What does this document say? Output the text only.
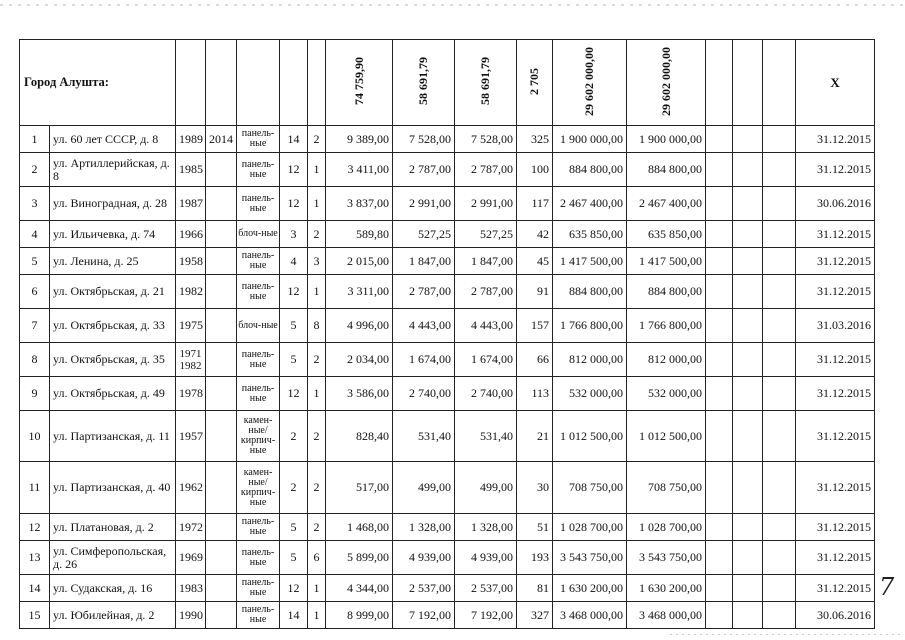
Город Алушта:							74 759,90	58 691,79	58 691,79	2 705	29 602 000,00	29 602 000,00				X
1	ул. 60 лет СССР, д. 8	1989	2014	панель-ные	14	2	9 389,00	7 528,00	7 528,00	325	1 900 000,00	1 900 000,00				31.12.2015
2	ул. Артиллерийская, д. 8	1985		панель-ные	12	1	3 411,00	2 787,00	2 787,00	100	884 800,00	884 800,00				31.12.2015
3	ул. Виноградная, д. 28	1987		панель-ные	12	1	3 837,00	2 991,00	2 991,00	117	2 467 400,00	2 467 400,00				30.06.2016
4	ул. Ильичевка, д. 74	1966		блоч-ные	3	2	589,80	527,25	527,25	42	635 850,00	635 850,00				31.12.2015
5	ул. Ленина, д. 25	1958		панель-ные	4	3	2 015,00	1 847,00	1 847,00	45	1 417 500,00	1 417 500,00				31.12.2015
6	ул. Октябрьская, д. 21	1982		панель-ные	12	1	3 311,00	2 787,00	2 787,00	91	884 800,00	884 800,00				31.12.2015
7	ул. Октябрьская, д. 33	1975		блоч-ные	5	8	4 996,00	4 443,00	4 443,00	157	1 766 800,00	1 766 800,00				31.03.2016
8	ул. Октябрьская, д. 35	19711982		панель-ные	5	2	2 034,00	1 674,00	1 674,00	66	812 000,00	812 000,00				31.12.2015
9	ул. Октябрьская, д. 49	1978		панель-ные	12	1	3 586,00	2 740,00	2 740,00	113	532 000,00	532 000,00				31.12.2015
10	ул. Партизанская, д. 11	1957		камен-ные/ кирпич-ные	2	2	828,40	531,40	531,40	21	1 012 500,00	1 012 500,00				31.12.2015
11	ул. Партизанская, д. 40	1962		камен-ные/ кирпич-ные	2	2	517,00	499,00	499,00	30	708 750,00	708 750,00				31.12.2015
12	ул. Платановая, д. 2	1972		панель-ные	5	2	1 468,00	1 328,00	1 328,00	51	1 028 700,00	1 028 700,00				31.12.2015
13	ул. Симферопольская, д. 26	1969		панель-ные	5	6	5 899,00	4 939,00	4 939,00	193	3 543 750,00	3 543 750,00				31.12.2015
14	ул. Судакская, д. 16	1983		панель-ные	12	1	4 344,00	2 537,00	2 537,00	81	1 630 200,00	1 630 200,00				31.12.2015
15	ул. Юбилейная, д. 2	1990		панель-ные	14	1	8 999,00	7 192,00	7 192,00	327	3 468 000,00	3 468 000,00				30.06.2016
7
